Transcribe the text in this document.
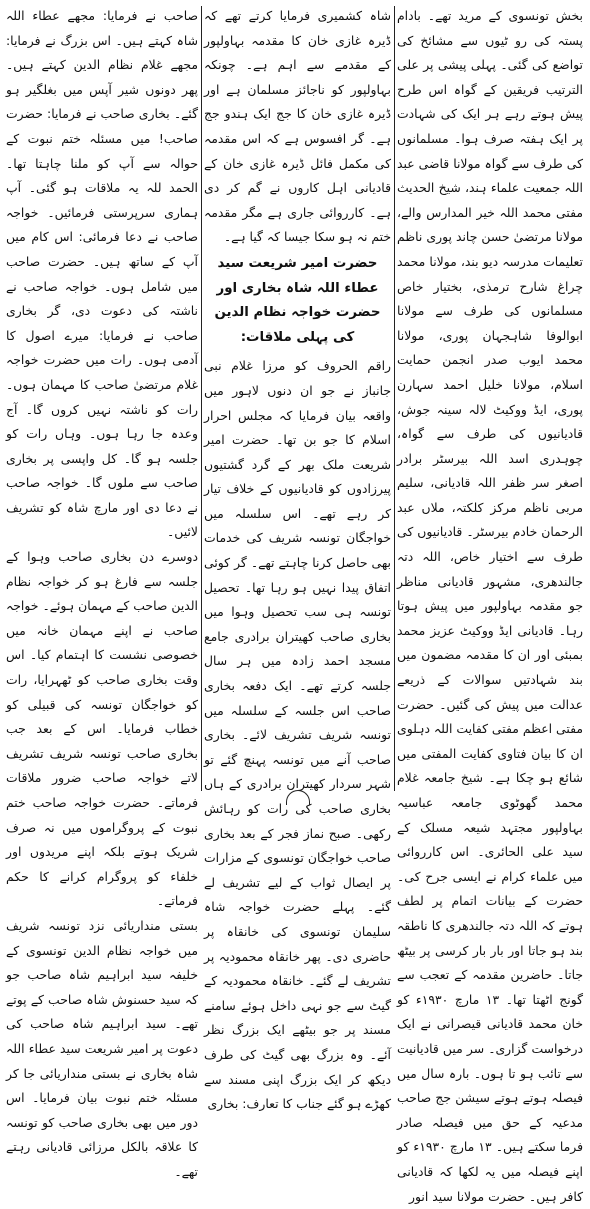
بخش تونسوی کے مرید تھے۔ بادام پستہ کی رو ٹیوں سے مشائخ کی تواضع کی گئی۔ پہلی پیشی پر علی الترتیب فریقین کے گواہ اس طرح پیش ہوتے رہے ہر ایک کی شہادت پر ایک ہفتہ صرف ہوا۔ مسلمانوں کی طرف سے گواہ مولانا قاضی عبد اللہ جمعیت علماء ہند، شیخ الحدیث مفتی محمد اللہ خیر المدارس والے، مولانا مرتضیٰ حسن چاند پوری ناظم تعلیمات مدرسہ دیو بند، مولانا محمد چراغ شارح ترمذی، بختیار خاص مسلمانوں کی طرف سے مولانا ابوالوفا شاہجہان پوری، مولانا محمد ایوب صدر انجمن حمایت اسلام، مولانا خلیل احمد سہارن پوری، ایڈ ووکیٹ لالہ سینہ جوش، قادیانیوں کی طرف سے گواہ، چوہدری اسد اللہ بیرسٹر برادر اصغر سر ظفر اللہ قادیانی، سلیم مربی ناظم مرکز کلکتہ، ملاں عبد الرحمان خادم بیرسٹر۔ قادیانیوں کی طرف سے اختیار خاص، اللہ دتہ جالندھری، مشہور قادیانی مناظر جو مقدمہ بہاولپور میں پیش ہوتا رہا۔ قادیانی ایڈ ووکیٹ عزیز محمد بمبئی اور ان کا مقدمہ مضمون میں بند شہادتیں سوالات کے ذریعے عدالت میں پیش کی گئیں۔ حضرت مفتی اعظم مفتی کفایت اللہ دہلوی ان کا بیان فتاوی کفایت المفتی میں شائع ہو چکا ہے۔ شیخ جامعہ غلام محمد گھوٹوی جامعہ عباسیہ بہاولپور مجتہد شیعہ مسلک کے سید علی الحائری۔ اس کارروائی میں علماء کرام نے ایسی جرح کی۔ حضرت کے بیانات اتمام پر لطف ہوتے کہ اللہ دتہ جالندھری کا ناطقہ بند ہو جاتا اور بار بار کرسی پر بیٹھ جاتا۔ حاضرین مقدمہ کے تعجب سے گونج اٹھتا تھا۔ ۱۳ مارچ ۱۹۳۰ء کو خان محمد قادیانی قیصرانی نے ایک درخواست گزاری۔ سر میں قادیانیت سے تائب ہو تا ہوں۔ بارہ سال میں فیصلہ ہوتے ہوتے سیشن جج صاحب مدعیہ کے حق میں فیصلہ صادر فرما سکتے ہیں۔ ۱۳ مارچ ۱۹۳۰ء کو اپنے فیصلہ میں یہ لکھا کہ قادیانی کافر ہیں۔ حضرت مولانا سید انور

شاہ کشمیری فرمایا کرتے تھے کہ ڈیرہ غازی خان کا مقدمہ بہاولپور کے مقدمے سے اہم ہے۔ چونکہ بہاولپور کو ناجائز مسلمان ہے اور ڈیرہ غازی خان کا جج ایک ہندو جج ہے۔ گر افسوس ہے کہ اس مقدمہ کی مکمل فائل ڈیرہ غازی خان کے قادیانی اہل کاروں نے گم کر دی ہے۔ کارروائی جاری ہے مگر مقدمہ ختم نہ ہو سکا جیسا کہ گیا ہے۔

حضرت امیر شریعت سید عطاء اللہ شاہ بخاری اور حضرت خواجہ نظام الدین کی پہلی ملاقات:

راقم الحروف کو مرزا غلام نبی جانباز نے جو ان دنوں لاہور میں واقعہ بیان فرمایا کہ مجلس احرار اسلام کا جو بن تھا۔ حضرت امیر شریعت ملک بھر کے گرد گشتیوں پیرزادوں کو قادیانیوں کے خلاف تیار کر رہے تھے۔ اس سلسلہ میں خواجگان تونسہ شریف کی خدمات بھی حاصل کرنا چاہتے تھے۔ گر کوئی اتفاق پیدا نہیں ہو رہا تھا۔ تحصیل تونسہ ہی سب تحصیل وہوا میں بخاری صاحب کھیتران برادری جامع مسجد احمد زادہ میں ہر سال جلسہ کرتے تھے۔ ایک دفعہ بخاری صاحب اس جلسہ کے سلسلہ میں تونسہ شریف تشریف لائے۔ بخاری صاحب آنے میں تونسہ پہنچ گئے تو شہر سردار کھیتران برادری کے ہاں بخاری صاحب کی رات کو رہائش رکھی۔ صبح نماز فجر کے بعد بخاری صاحب خواجگان تونسوی کے مزارات پر ایصال ثواب کے لیے تشریف لے گئے۔ پہلے حضرت خواجہ شاہ سلیمان تونسوی کی خانقاہ پر حاضری دی۔ پھر خانقاہ محمودیہ پر تشریف لے گئے۔ خانقاہ محمودیہ کے گیٹ سے جو نہی داخل ہوئے سامنے مسند پر جو بیٹھے ایک بزرگ نظر آئے۔ وہ بزرگ بھی گیٹ کی طرف دیکھ کر ایک بزرگ اپنی مسند سے کھڑے ہو گئے جناب کا تعارف: بخاری

صاحب نے فرمایا: مجھے عطاء اللہ شاہ کہتے ہیں۔ اس بزرگ نے فرمایا: مجھے غلام نظام الدین کہتے ہیں۔ پھر دونوں شیر آپس میں بغلگیر ہو گئے۔ بخاری صاحب نے فرمایا: حضرت صاحب! میں مسئلہ ختم نبوت کے حوالہ سے آپ کو ملنا چاہتا تھا۔ الحمد للہ یہ ملاقات ہو گئی۔ آپ ہماری سرپرستی فرمائیں۔ خواجہ صاحب نے دعا فرمائی: اس کام میں آپ کے ساتھ ہیں۔ حضرت صاحب میں شامل ہوں۔ خواجہ صاحب نے ناشتہ کی دعوت دی، گر بخاری صاحب نے فرمایا: میرے اصول کا آدمی ہوں۔ رات میں حضرت خواجہ غلام مرتضیٰ صاحب کا مہمان ہوں۔ رات کو ناشتہ نہیں کروں گا۔ آج وعدہ جا رہا ہوں۔ وہاں رات کو جلسہ ہو گا۔ کل واپسی پر بخاری صاحب سے ملوں گا۔ خواجہ صاحب نے دعا دی اور مارچ شاہ کو تشریف لائیں۔

دوسرے دن بخاری صاحب وہوا کے جلسہ سے فارغ ہو کر خواجہ نظام الدین صاحب کے مہمان ہوئے۔ خواجہ صاحب نے اپنے مہمان خانہ میں خصوصی نشست کا اہتمام کیا۔ اس وقت بخاری صاحب کو ٹھہرایا، رات کو خواجگان تونسہ کی قبیلی کو خطاب فرمایا۔ اس کے بعد جب بخاری صاحب تونسہ شریف تشریف لاتے خواجہ صاحب ضرور ملاقات فرماتے۔ حضرت خواجہ صاحب ختم نبوت کے پروگراموں میں نہ صرف شریک ہوتے بلکہ اپنے مریدوں اور خلفاء کو پروگرام کرانے کا حکم فرماتے۔

بستی منداریائی نزد تونسہ شریف میں خواجہ نظام الدین تونسوی کے خلیفہ سید ابراہیم شاہ صاحب جو کہ سید حسنوش شاہ صاحب کے پوتے تھے۔ سید ابراہیم شاہ صاحب کی دعوت پر امیر شریعت سید عطاء اللہ شاہ بخاری نے بستی منداریائی جا کر مسئلہ ختم نبوت بیان فرمایا۔ اس دور میں بھی بخاری صاحب کو تونسہ کا علاقہ بالکل مرزائی قادیانی رہتے تھے۔
